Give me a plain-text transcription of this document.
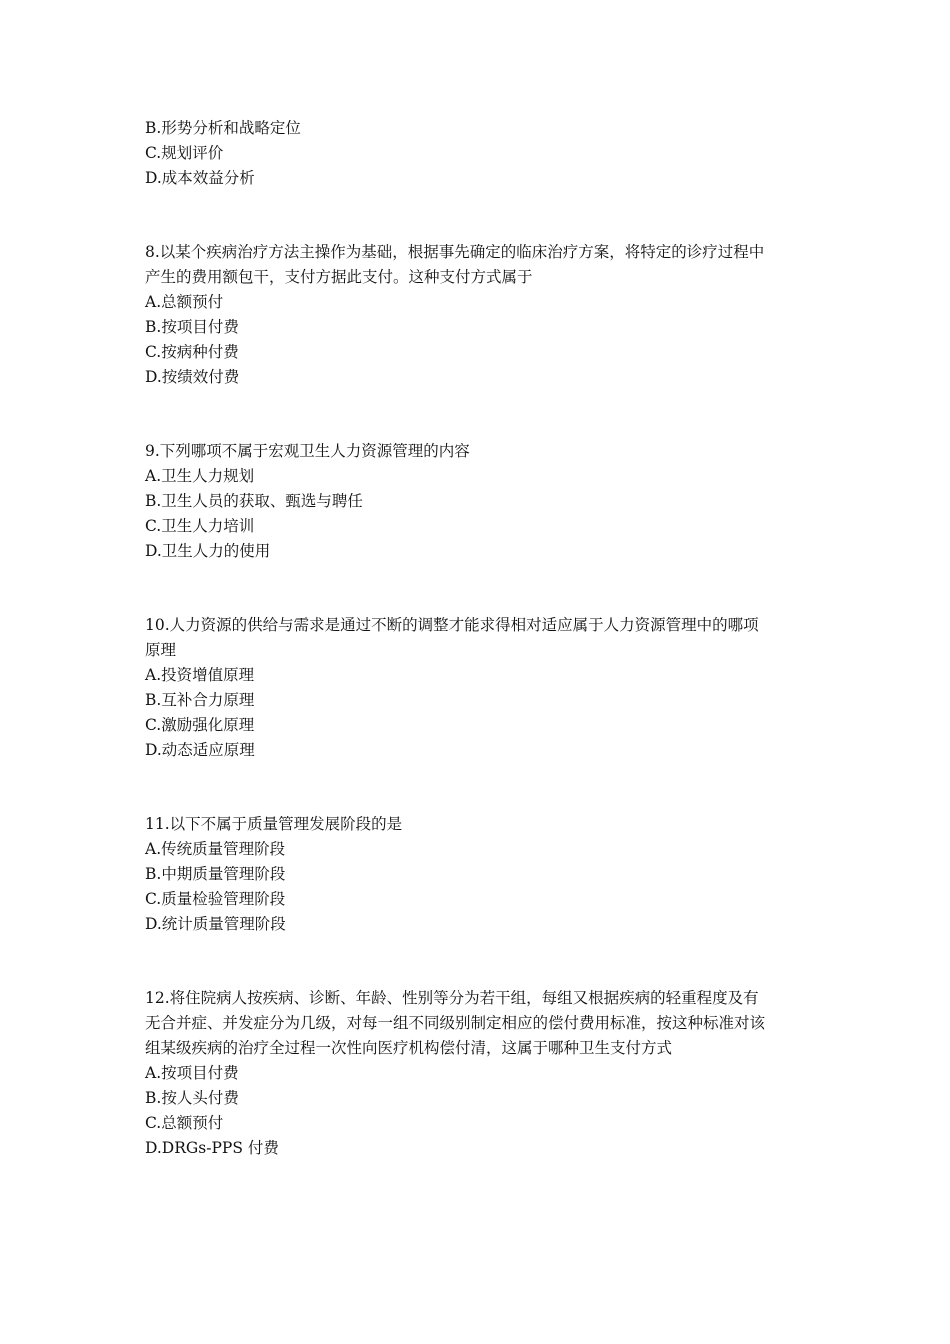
B.形势分析和战略定位
C.规划评价
D.成本效益分析
8.以某个疾病治疗方法主操作为基础，根据事先确定的临床治疗方案，将特定的诊疗过程中
产生的费用额包干，支付方据此支付。这种支付方式属于
A.总额预付
B.按项目付费
C.按病种付费
D.按绩效付费
9.下列哪项不属于宏观卫生人力资源管理的内容
A.卫生人力规划
B.卫生人员的获取、甄选与聘任
C.卫生人力培训
D.卫生人力的使用
10.人力资源的供给与需求是通过不断的调整才能求得相对适应属于人力资源管理中的哪项
原理
A.投资增值原理
B.互补合力原理
C.激励强化原理
D.动态适应原理
11.以下不属于质量管理发展阶段的是
A.传统质量管理阶段
B.中期质量管理阶段
C.质量检验管理阶段
D.统计质量管理阶段
12.将住院病人按疾病、诊断、年龄、性别等分为若干组，每组又根据疾病的轻重程度及有
无合并症、并发症分为几级，对每一组不同级别制定相应的偿付费用标准，按这种标准对该
组某级疾病的治疗全过程一次性向医疗机构偿付清，这属于哪种卫生支付方式
A.按项目付费
B.按人头付费
C.总额预付
D.DRGs-PPS 付费
